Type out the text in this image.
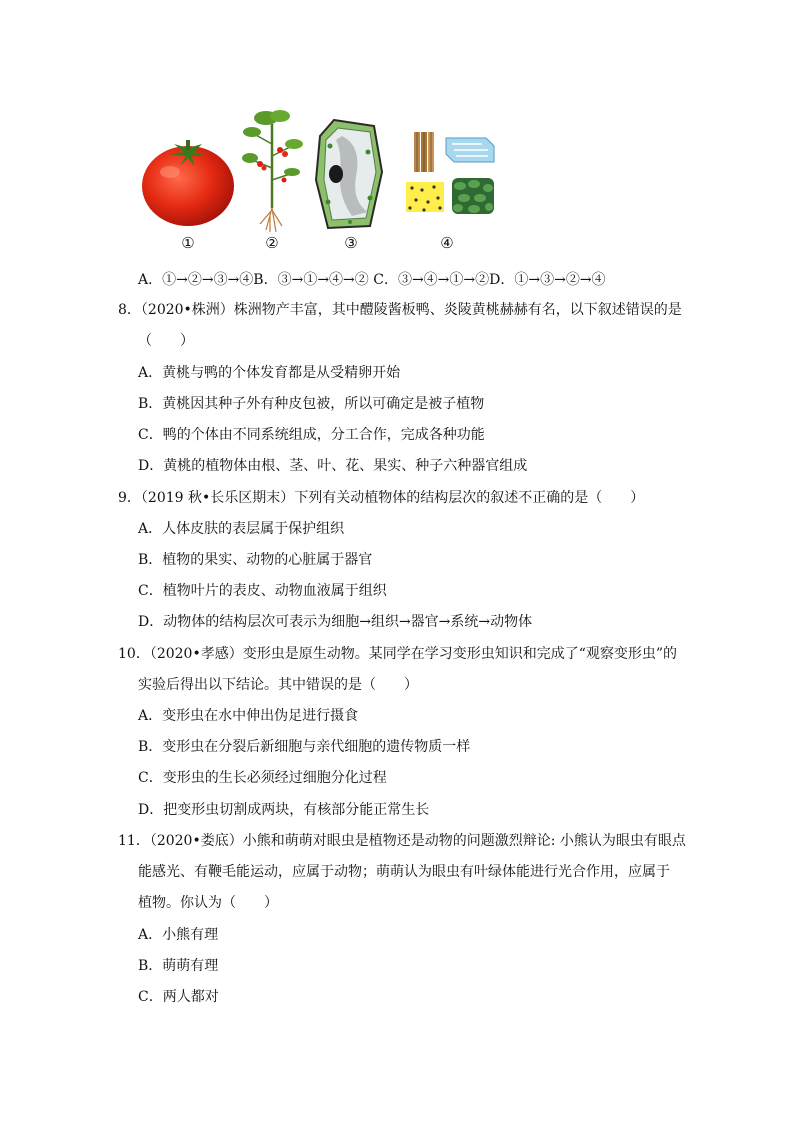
①	②	③	④
A．①→②→③→④B．③→①→④→② C．③→④→①→②D．①→③→②→④
8．（2020•株洲）株洲物产丰富，其中醴陵酱板鸭、炎陵黄桃赫赫有名，以下叙述错误的是
（　　）
A．黄桃与鸭的个体发育都是从受精卵开始
B．黄桃因其种子外有种皮包被，所以可确定是被子植物
C．鸭的个体由不同系统组成，分工合作，完成各种功能
D．黄桃的植物体由根、茎、叶、花、果实、种子六种器官组成
9．（2019 秋•长乐区期末）下列有关动植物体的结构层次的叙述不正确的是（　　）
A．人体皮肤的表层属于保护组织
B．植物的果实、动物的心脏属于器官
C．植物叶片的表皮、动物血液属于组织
D．动物体的结构层次可表示为细胞→组织→器官→系统→动物体
10．（2020•孝感）变形虫是原生动物。某同学在学习变形虫知识和完成了“观察变形虫”的
实验后得出以下结论。其中错误的是（　　）
A．变形虫在水中伸出伪足进行摄食
B．变形虫在分裂后新细胞与亲代细胞的遗传物质一样
C．变形虫的生长必须经过细胞分化过程
D．把变形虫切割成两块，有核部分能正常生长
11．（2020•娄底）小熊和萌萌对眼虫是植物还是动物的问题激烈辩论: 小熊认为眼虫有眼点
能感光、有鞭毛能运动，应属于动物；萌萌认为眼虫有叶绿体能进行光合作用，应属于
植物。你认为（　　）
A．小熊有理
B．萌萌有理
C．两人都对
